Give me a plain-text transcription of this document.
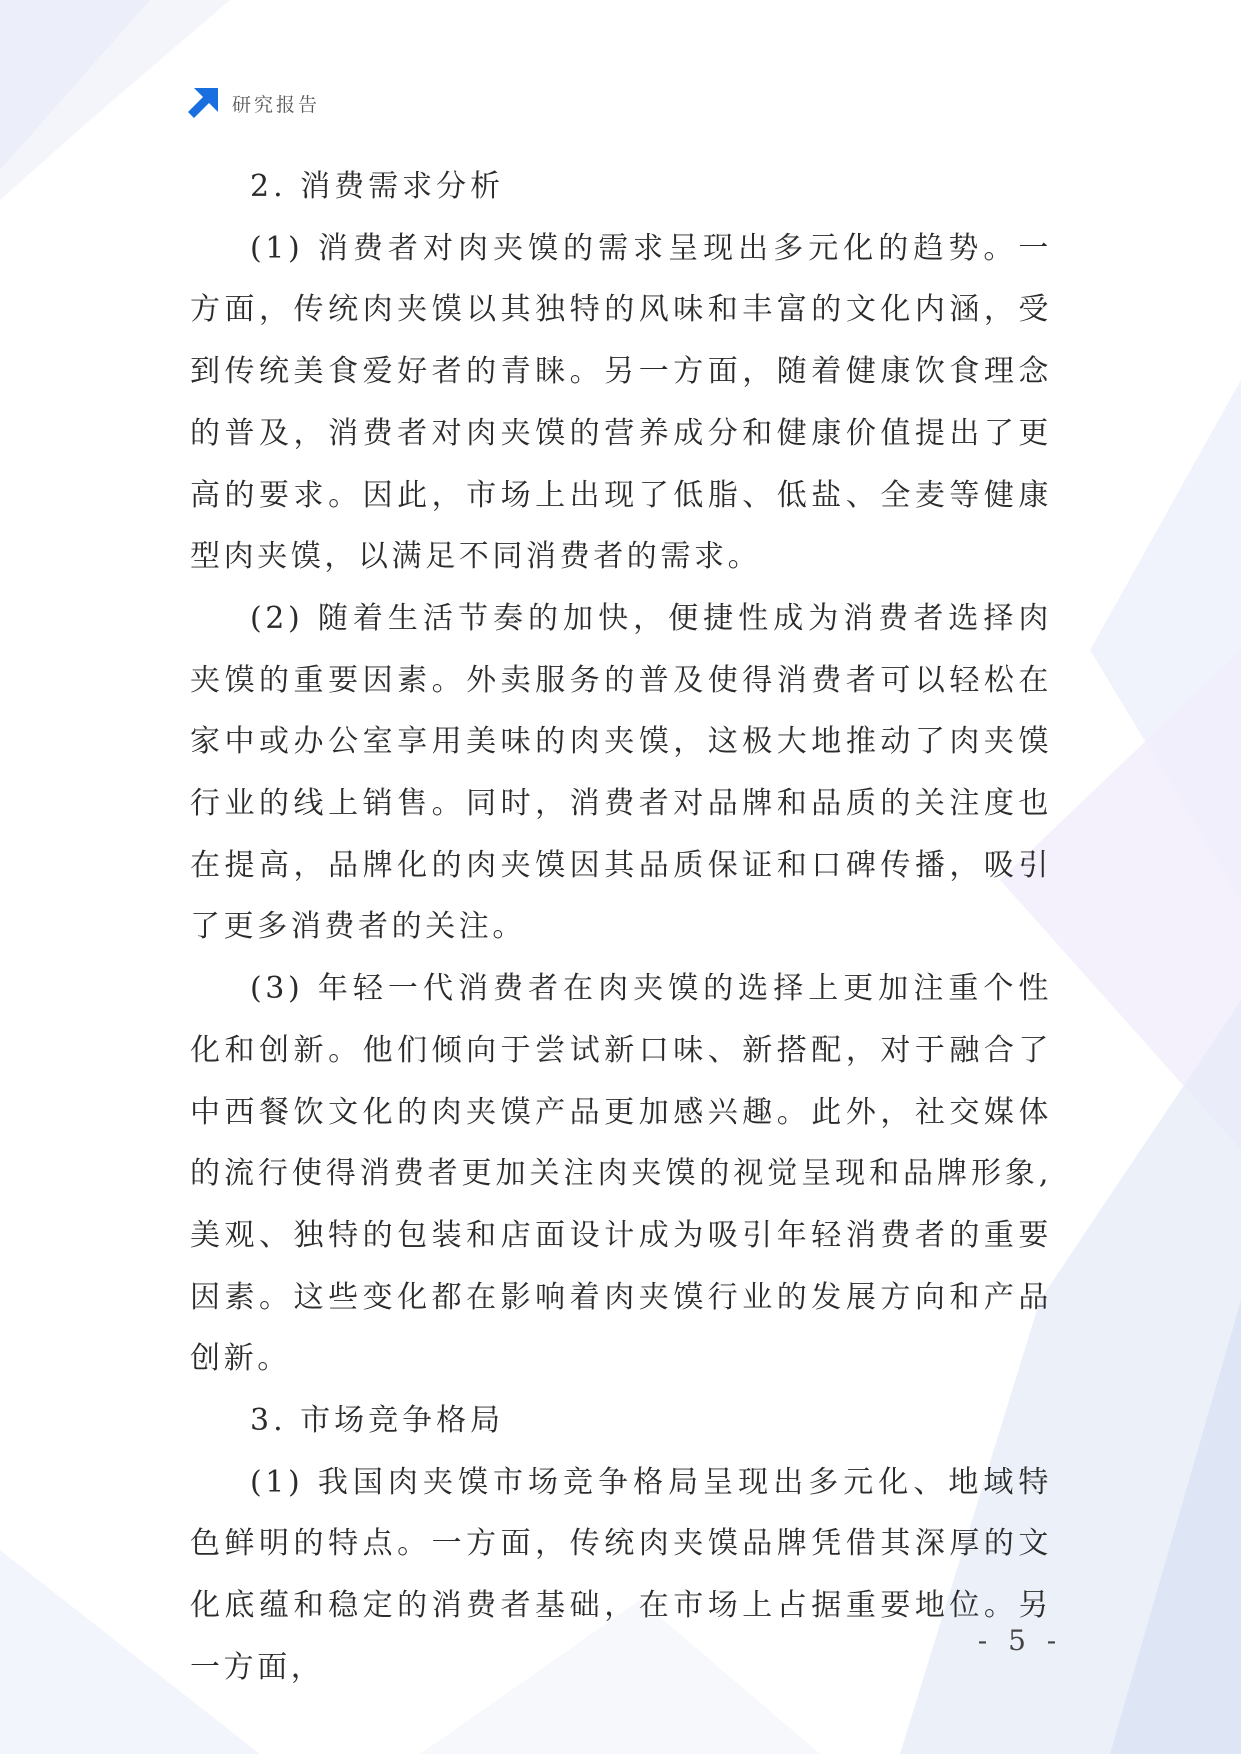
研究报告

2. 消费需求分析

(1) 消费者对肉夹馍的需求呈现出多元化的趋势。一方面，传统肉夹馍以其独特的风味和丰富的文化内涵，受到传统美食爱好者的青睐。另一方面，随着健康饮食理念的普及，消费者对肉夹馍的营养成分和健康价值提出了更高的要求。因此，市场上出现了低脂、低盐、全麦等健康型肉夹馍，以满足不同消费者的需求。

(2) 随着生活节奏的加快，便捷性成为消费者选择肉夹馍的重要因素。外卖服务的普及使得消费者可以轻松在家中或办公室享用美味的肉夹馍，这极大地推动了肉夹馍行业的线上销售。同时，消费者对品牌和品质的关注度也在提高，品牌化的肉夹馍因其品质保证和口碑传播，吸引了更多消费者的关注。

(3) 年轻一代消费者在肉夹馍的选择上更加注重个性化和创新。他们倾向于尝试新口味、新搭配，对于融合了中西餐饮文化的肉夹馍产品更加感兴趣。此外，社交媒体的流行使得消费者更加关注肉夹馍的视觉呈现和品牌形象,美观、独特的包装和店面设计成为吸引年轻消费者的重要因素。这些变化都在影响着肉夹馍行业的发展方向和产品创新。

3. 市场竞争格局

(1) 我国肉夹馍市场竞争格局呈现出多元化、地域特色鲜明的特点。一方面，传统肉夹馍品牌凭借其深厚的文化底蕴和稳定的消费者基础，在市场上占据重要地位。另一方面，

- 5 -
